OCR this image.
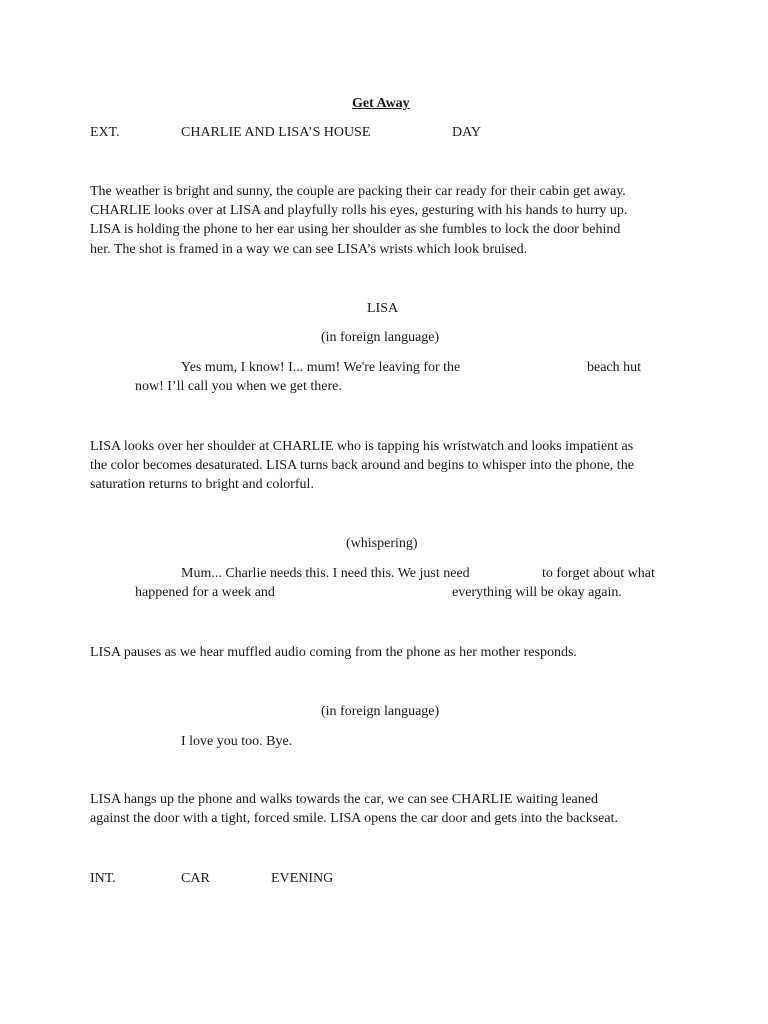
Get Away
EXT.	CHARLIE AND LISA’S HOUSE	DAY
The weather is bright and sunny, the couple are packing their car ready for their cabin get away.
CHARLIE looks over at LISA and playfully rolls his eyes, gesturing with his hands to hurry up.
LISA is holding the phone to her ear using her shoulder as she fumbles to lock the door behind
her. The shot is framed in a way we can see LISA’s wrists which look bruised.
LISA
(in foreign language)
Yes mum, I know! I... mum! We're leaving for the	beach hut
now! I’ll call you when we get there.
LISA looks over her shoulder at CHARLIE who is tapping his wristwatch and looks impatient as
the color becomes desaturated. LISA turns back around and begins to whisper into the phone, the
saturation returns to bright and colorful.
(whispering)
Mum... Charlie needs this. I need this. We just need	to forget about what
happened for a week and	everything will be okay again.
LISA pauses as we hear muffled audio coming from the phone as her mother responds.
(in foreign language)
I love you too. Bye.
LISA hangs up the phone and walks towards the car, we can see CHARLIE waiting leaned
against the door with a tight, forced smile. LISA opens the car door and gets into the backseat.
INT.	CAR	EVENING
